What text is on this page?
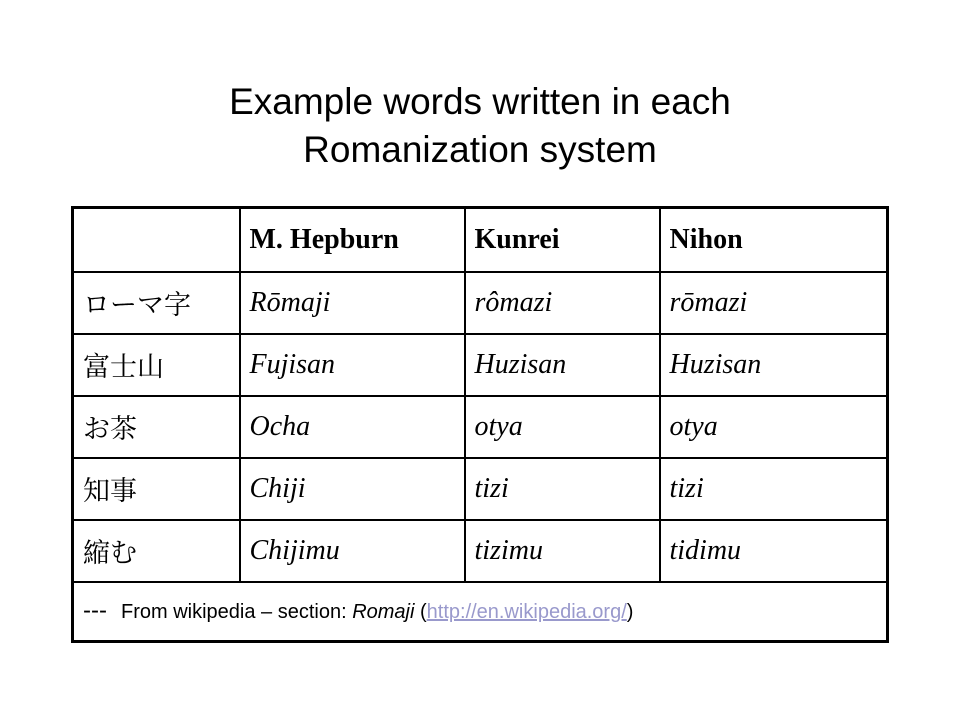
Example words written in each
Romanization system
	M. Hepburn	Kunrei	Nihon
ローマ字	Rōmaji	rômazi	rōmazi
富士山	Fujisan	Huzisan	Huzisan
お茶	Ocha	otya	otya
知事	Chiji	tizi	tizi
縮む	Chijimu	tizimu	tidimu
--- From wikipedia – section: Romaji (http://en.wikipedia.org/)			
